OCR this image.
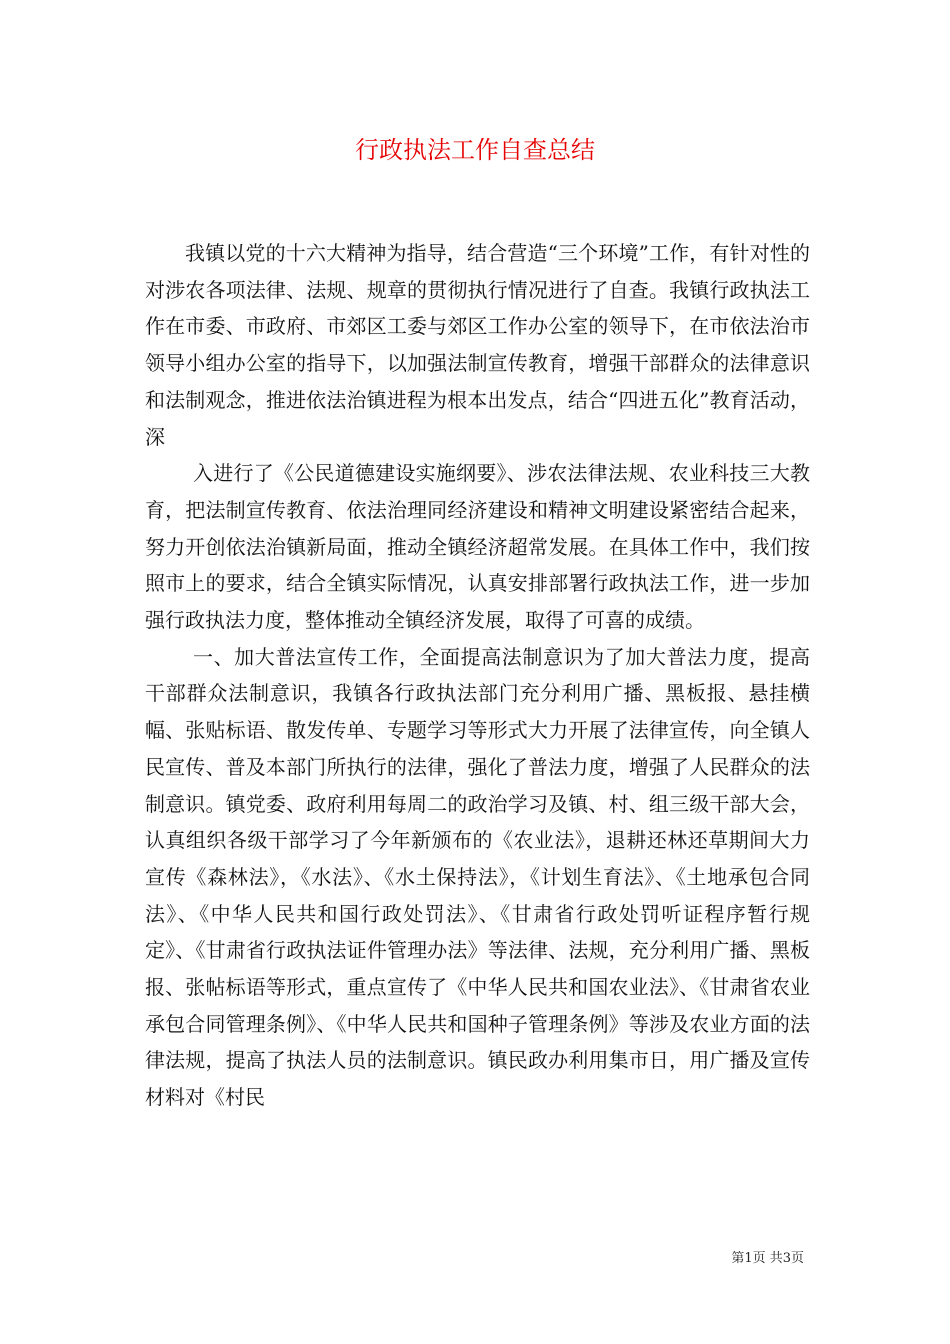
行政执法工作自查总结

我镇以党的十六大精神为指导，结合营造“三个环境”工作，有针对性的对涉农各项法律、法规、规章的贯彻执行情况进行了自查。我镇行政执法工作在市委、市政府、市郊区工委与郊区工作办公室的领导下，在市依法治市领导小组办公室的指导下，以加强法制宣传教育，增强干部群众的法律意识和法制观念，推进依法治镇进程为根本出发点，结合“四进五化”教育活动，深

入进行了《公民道德建设实施纲要》、涉农法律法规、农业科技三大教育，把法制宣传教育、依法治理同经济建设和精神文明建设紧密结合起来，努力开创依法治镇新局面，推动全镇经济超常发展。在具体工作中，我们按照市上的要求，结合全镇实际情况，认真安排部署行政执法工作，进一步加强行政执法力度，整体推动全镇经济发展，取得了可喜的成绩。

一、加大普法宣传工作，全面提高法制意识为了加大普法力度，提高干部群众法制意识，我镇各行政执法部门充分利用广播、黑板报、悬挂横幅、张贴标语、散发传单、专题学习等形式大力开展了法律宣传，向全镇人民宣传、普及本部门所执行的法律，强化了普法力度，增强了人民群众的法制意识。镇党委、政府利用每周二的政治学习及镇、村、组三级干部大会，认真组织各级干部学习了今年新颁布的《农业法》，退耕还林还草期间大力宣传《森林法》，《水法》、《水土保持法》，《计划生育法》、《土地承包合同法》、《中华人民共和国行政处罚法》、《甘肃省行政处罚听证程序暂行规定》、《甘肃省行政执法证件管理办法》等法律、法规，充分利用广播、黑板报、张帖标语等形式，重点宣传了《中华人民共和国农业法》、《甘肃省农业承包合同管理条例》、《中华人民共和国种子管理条例》等涉及农业方面的法律法规，提高了执法人员的法制意识。镇民政办利用集市日，用广播及宣传材料对《村民

第1页 共3页
